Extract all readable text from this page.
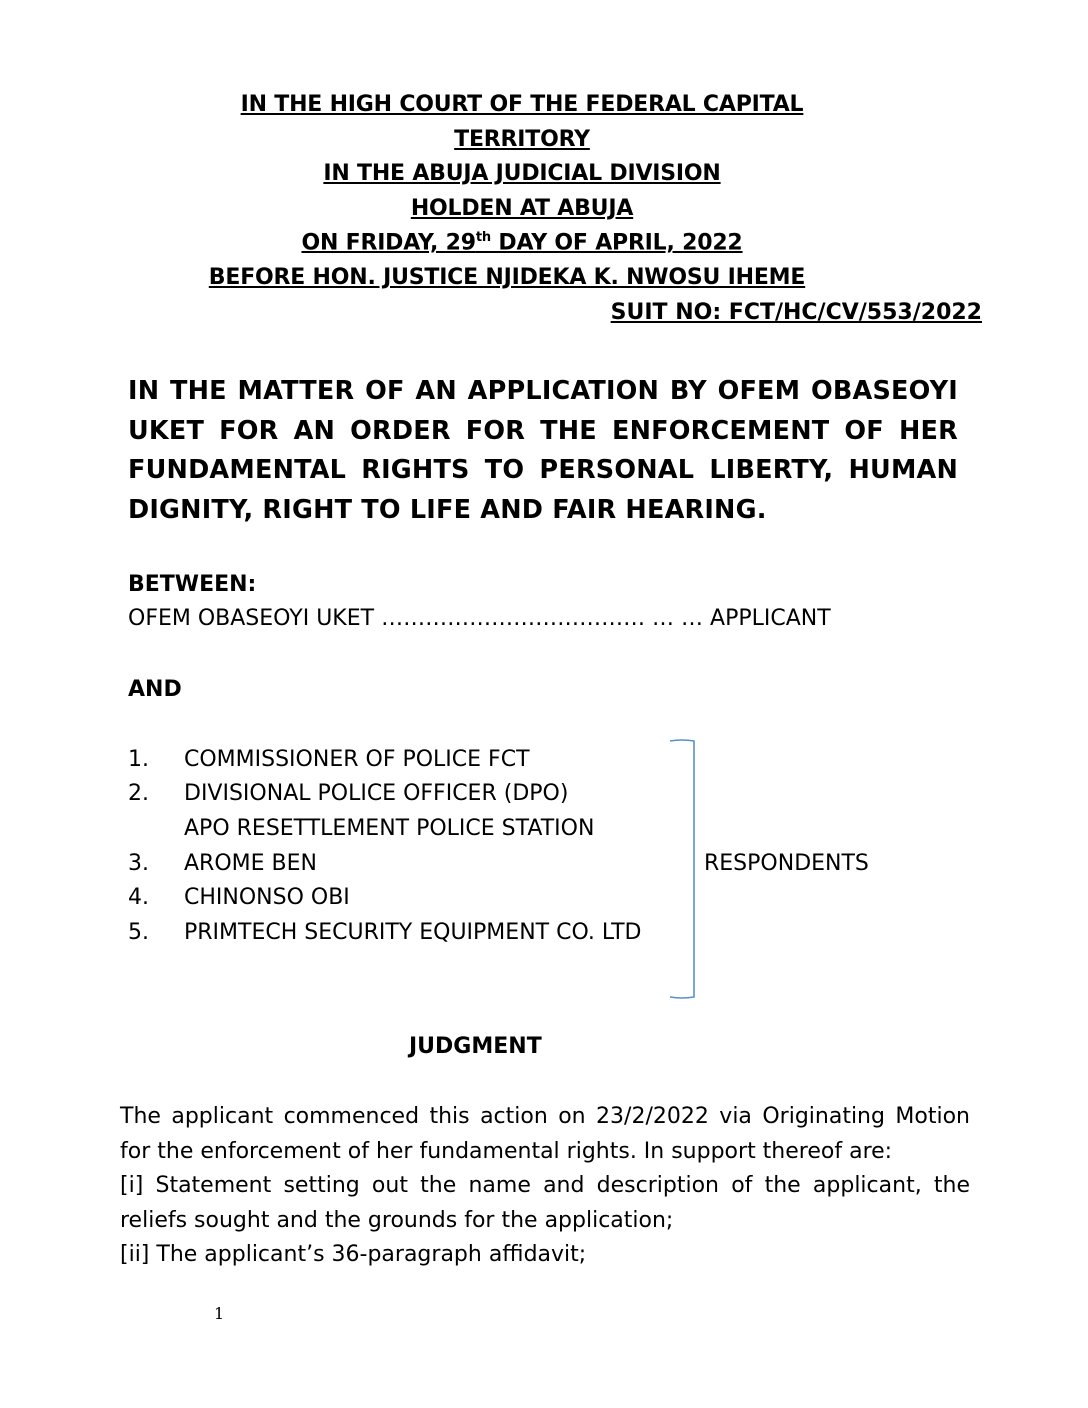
IN THE HIGH COURT OF THE FEDERAL CAPITAL
TERRITORY
IN THE ABUJA JUDICIAL DIVISION
HOLDEN AT ABUJA
ON FRIDAY, 29th DAY OF APRIL, 2022
BEFORE HON. JUSTICE NJIDEKA K. NWOSU IHEME
SUIT NO: FCT/HC/CV/553/2022
IN THE MATTER OF AN APPLICATION BY OFEM OBASEOYI UKET FOR AN ORDER FOR THE ENFORCEMENT OF HER FUNDAMENTAL RIGHTS TO PERSONAL LIBERTY, HUMAN DIGNITY, RIGHT TO LIFE AND FAIR HEARING.
BETWEEN:
OFEM OBASEOYI UKET ……………………………… … … APPLICANT
AND
1. COMMISSIONER OF POLICE FCT
2. DIVISIONAL POLICE OFFICER (DPO)
APO RESETTLEMENT POLICE STATION
3. AROME BEN
4. CHINONSO OBI
5. PRIMTECH SECURITY EQUIPMENT CO. LTD
RESPONDENTS
JUDGMENT
The applicant commenced this action on 23/2/2022 via Originating Motion
for the enforcement of her fundamental rights. In support thereof are:
[i] Statement setting out the name and description of the applicant, the
reliefs sought and the grounds for the application;
[ii] The applicant’s 36-paragraph affidavit;
1
